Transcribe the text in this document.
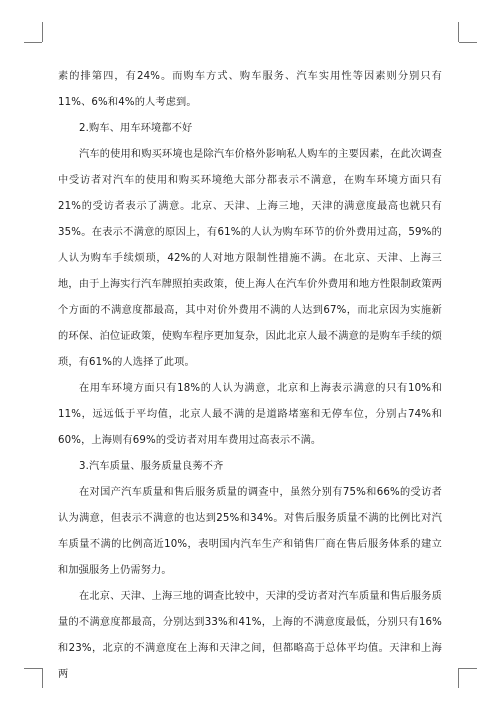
素的排第四，有24%。而购车方式、购车服务、汽车实用性等因素则分别只有11%、6%和4%的人考虑到。

2.购车、用车环境都不好

汽车的使用和购买环境也是除汽车价格外影响私人购车的主要因素，在此次调查中受访者对汽车的使用和购买环境绝大部分都表示不满意，在购车环境方面只有21%的受访者表示了满意。北京、天津、上海三地，天津的满意度最高也就只有35%。在表示不满意的原因上，有61%的人认为购车环节的价外费用过高，59%的人认为购车手续烦琐，42%的人对地方限制性措施不满。在北京、天津、上海三地，由于上海实行汽车牌照拍卖政策，使上海人在汽车价外费用和地方性限制政策两个方面的不满意度都最高，其中对价外费用不满的人达到67%，而北京因为实施新的环保、泊位证政策，使购车程序更加复杂，因此北京人最不满意的是购车手续的烦琐，有61%的人选择了此项。

在用车环境方面只有18%的人认为满意，北京和上海表示满意的只有10%和11%，远远低于平均值，北京人最不满的是道路堵塞和无停车位，分别占74%和60%，上海则有69%的受访者对用车费用过高表示不满。

3.汽车质量、服务质量良莠不齐

在对国产汽车质量和售后服务质量的调查中，虽然分别有75%和66%的受访者认为满意，但表示不满意的也达到25%和34%。对售后服务质量不满的比例比对汽车质量不满的比例高近10%，表明国内汽车生产和销售厂商在售后服务体系的建立和加强服务上仍需努力。

在北京、天津、上海三地的调查比较中，天津的受访者对汽车质量和售后服务质量的不满意度都最高，分别达到33%和41%，上海的不满意度最低，分别只有16%和23%，北京的不满意度在上海和天津之间，但都略高于总体平均值。天津和上海两
